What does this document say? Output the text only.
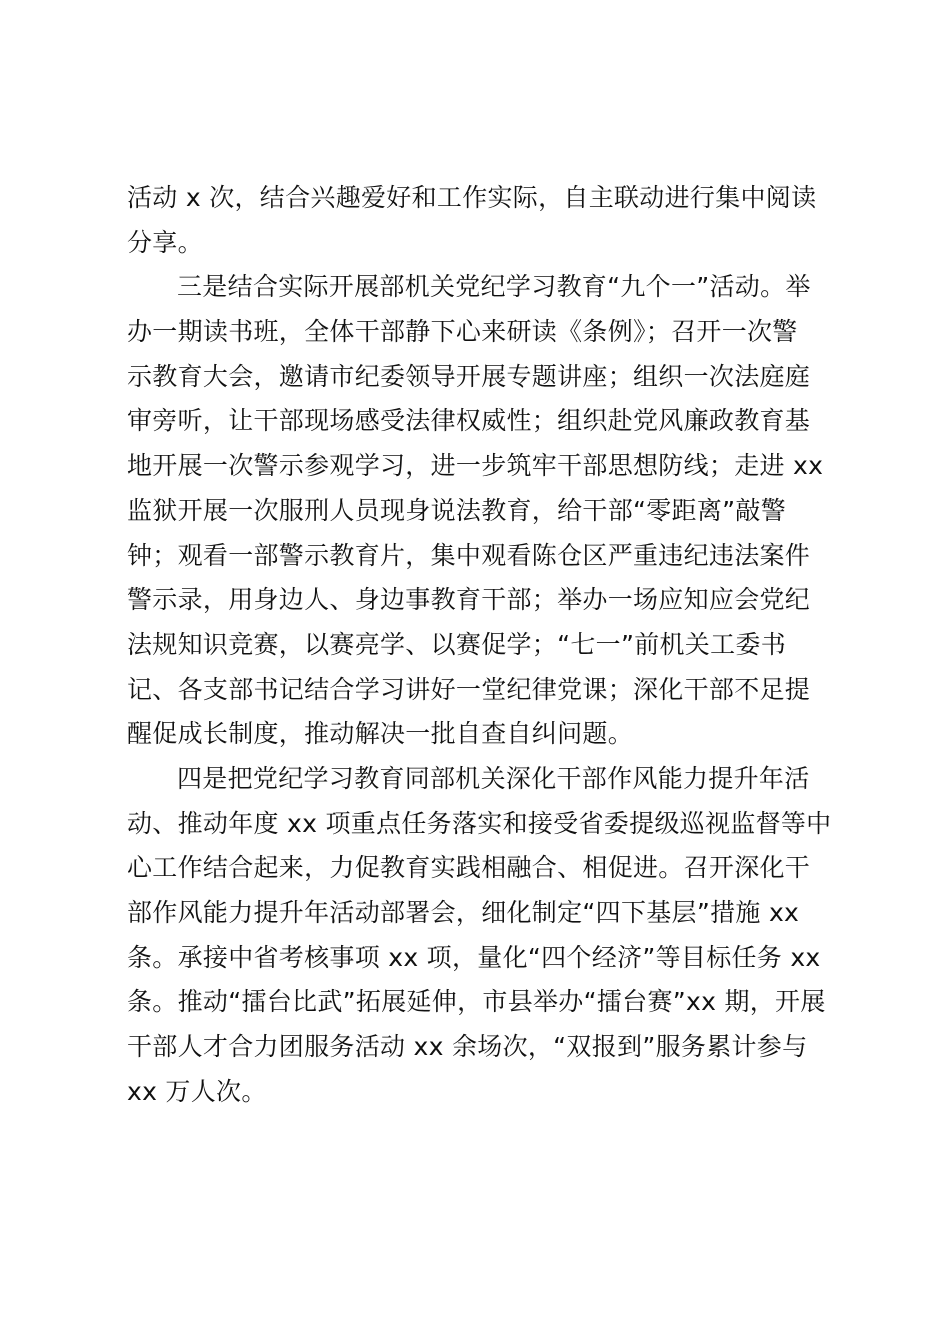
活动 x 次，结合兴趣爱好和工作实际，自主联动进行集中阅读
分享。
三是结合实际开展部机关党纪学习教育“九个一”活动。举
办一期读书班，全体干部静下心来研读《条例》；召开一次警
示教育大会，邀请市纪委领导开展专题讲座；组织一次法庭庭
审旁听，让干部现场感受法律权威性；组织赴党风廉政教育基
地开展一次警示参观学习，进一步筑牢干部思想防线；走进 xx
监狱开展一次服刑人员现身说法教育，给干部“零距离”敲警
钟；观看一部警示教育片，集中观看陈仓区严重违纪违法案件
警示录，用身边人、身边事教育干部；举办一场应知应会党纪
法规知识竞赛，以赛亮学、以赛促学；“七一”前机关工委书
记、各支部书记结合学习讲好一堂纪律党课；深化干部不足提
醒促成长制度，推动解决一批自查自纠问题。
四是把党纪学习教育同部机关深化干部作风能力提升年活
动、推动年度 xx 项重点任务落实和接受省委提级巡视监督等中
心工作结合起来，力促教育实践相融合、相促进。召开深化干
部作风能力提升年活动部署会，细化制定“四下基层”措施 xx
条。承接中省考核事项 xx 项，量化“四个经济”等目标任务 xx
条。推动“擂台比武”拓展延伸，市县举办“擂台赛”xx 期，开展
干部人才合力团服务活动 xx 余场次，“双报到”服务累计参与
xx 万人次。
